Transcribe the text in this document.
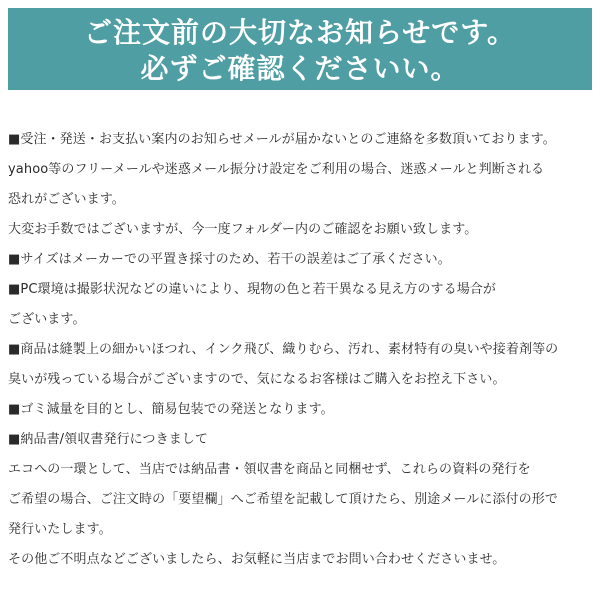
ご注文前の大切なお知らせです。
必ずご確認くださいい。
■受注・発送・お支払い案内のお知らせメールが届かないとのご連絡を多数頂いております。
yahoo等のフリーメールや迷惑メール振分け設定をご利用の場合、迷惑メールと判断される
恐れがございます。
大変お手数ではございますが、今一度フォルダー内のご確認をお願い致します。
■サイズはメーカーでの平置き採寸のため、若干の誤差はご了承ください。
■PC環境は撮影状況などの違いにより、現物の色と若干異なる見え方のする場合が
ございます。
■商品は縫製上の細かいほつれ、インク飛び、織りむら、汚れ、素材特有の臭いや接着剤等の
臭いが残っている場合がございますので、気になるお客様はご購入をお控え下さい。
■ゴミ減量を目的とし、簡易包装での発送となります。
■納品書/領収書発行につきまして
エコへの一環として、当店では納品書・領収書を商品と同梱せず、これらの資料の発行を
ご希望の場合、ご注文時の「要望欄」へご希望を記載して頂けたら、別途メールに添付の形で
発行いたします。
その他ご不明点などございましたら、お気軽に当店までお問い合わせくださいませ。
